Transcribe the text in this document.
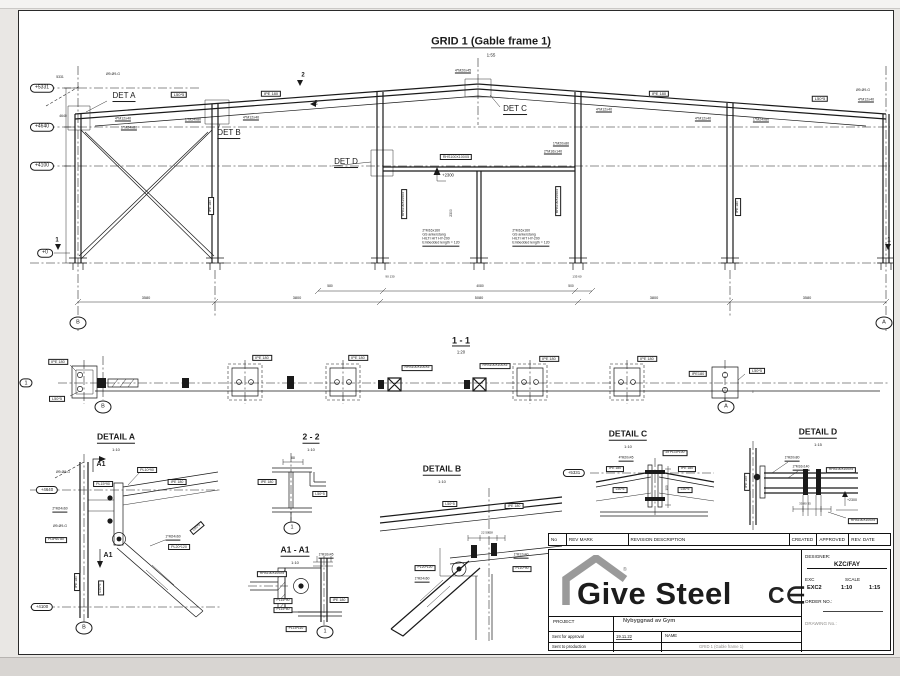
GRID 1 (Gable frame 1)
1:55
DET A
DET B
DET C
DET D
+5331
+4640
+4100
+0
5331
4640
L50*5	IPE 180	IPE 180
L50*5
4*M12x40
1*M24x80
1*M24x80	4*M12x40
4*M20x45
4*M12x40
4*M12x40	1*M24x80
4*M12x40
Ø9-Ø9-G
Ø9-Ø9-G
RHS100X100X5
1*M20x80
2*M16x140
+2300
2*M16x160
GS ankerstang
HILTI HIT HY-200
Embedded length = 120
2*M16x160
GS ankerstang
HILTI HIT HY-200
Embedded length = 120
2300
RHS100X100X5	RHS100X100X5
IPE 180	IPE 180
2
2
1	1
3580	3800	5080	3800	3580
580	4080	500
90 130	135 60
B	A
1 - 1
1:20
IPE 180
L50*5
IPE 180	IPE 180
RHS100X100X5	RHS100X100X5
IPE 180	IPE 180
IPE180
L50*5
1
B	A
2
DETAIL A
1:10
Ø9-Ø9-G
A1
A1
PL10*90
IPE 180
PL15*90
+4640
+4100
2*M24x60
Ø9-Ø9-G
PL8*60 80
1*M24x60
PL20*120
IPE 180	L50*5
L50*5
B
2 - 2
1:10
88
IPE 180
L50*5
1
A1 - A1
1:10
RHS100X100X5
1*M16x45
PL15*90
PL15*80
PL15*110
IPE 180
1
DETAIL B
1:10
L50*5	IPE 180
22 50 28
1*M12x40
PL10*90
PL20*120
1*M24x60
DETAIL C
1:10
+5331
4*M20x45
2x PL10*100
IPE 180	IPE 180
L50*5	L50*5
100
DETAIL D
1:15
1*M20x80
2*M16x140
RHS100X100X5
RHS100X100X5
+2300
35 80 35
IPE 180
No	REV MARK	REVISION DESCRIPTION	CREATED	APPROVED	REV. DATE
Give Steel
®
C∈
DESIGNER:
KZC/FAY
EXC	SCALE
EXC2	1:10	1:15
ORDER NO.:
DRAWING No.:
PROJECT	Nybyggnad av Gym
Sent for approval	19.11.22	NAME
Sent to production	GRID 1 (Gable frame 1)
